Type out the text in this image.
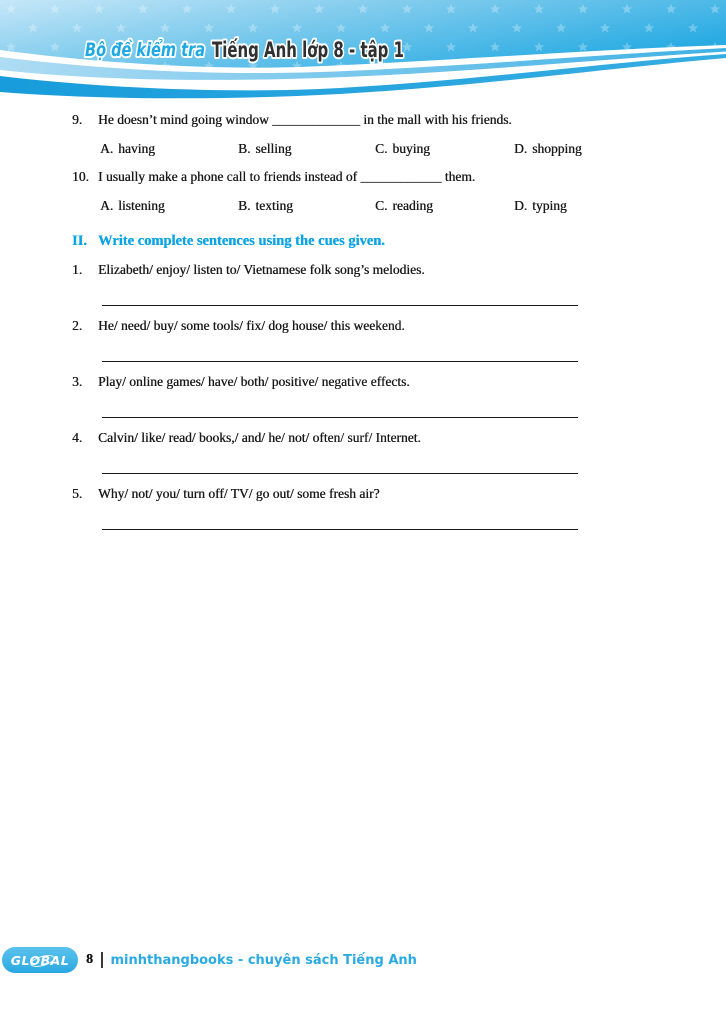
Bộ đề kiểm tra
Tiếng Anh lớp 8 - tập 1
9.	He doesn’t mind going window _____________ in the mall with his friends.
A. having	B. selling	C. buying	D. shopping
10. I usually make a phone call to friends instead of ____________ them.
A. listening	B. texting	C. reading	D. typing
II. Write complete sentences using the cues given.
1.	Elizabeth/ enjoy/ listen to/ Vietnamese folk song’s melodies.
2.	He/ need/ buy/ some tools/ fix/ dog house/ this weekend.
3.	Play/ online games/ have/ both/ positive/ negative effects.
4.	Calvin/ like/ read/ books,/ and/ he/ not/ often/ surf/ Internet.
5.	Why/ not/ you/ turn off/ TV/ go out/ some fresh air?
GLOBAL 8 minhthangbooks - chuyên sách Tiếng Anh
